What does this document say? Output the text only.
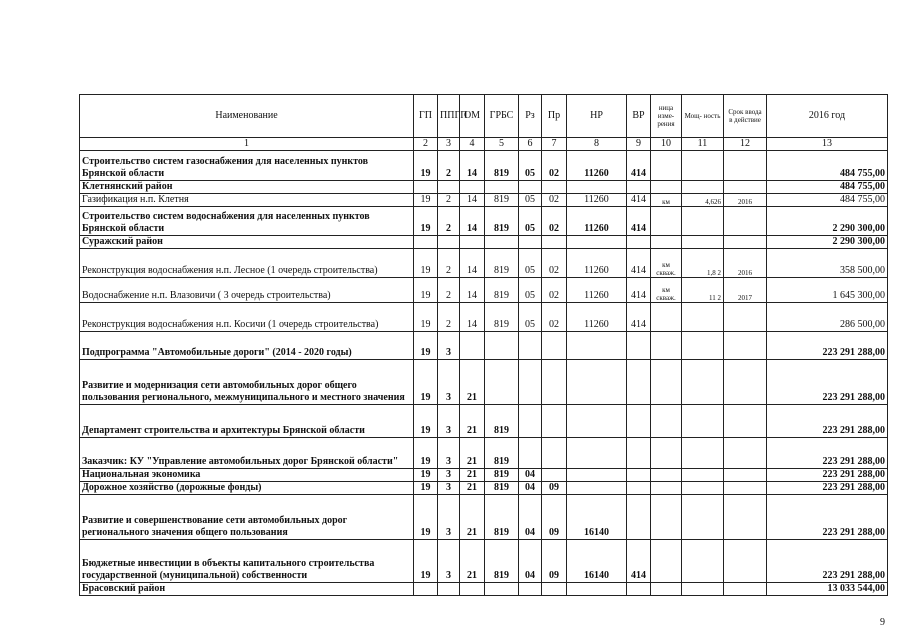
Наименование	ГП	ППГП	ОМ	ГРБС	Рз	Пр	НР	ВР	ница изме- рения	Мощ- ность	Срок ввода в действие	2016 год
1	2	3	4	5	6	7	8	9	10	11	12	13
Строительство систем газоснабжения для населенных пунктов Брянской области	19	2	14	819	05	02	11260	414				484 755,00
Клетнянский район												484 755,00
Газификация н.п. Клетня	19	2	14	819	05	02	11260	414	км	4,626	2016	484 755,00
Строительство систем водоснабжения для населенных пунктов Брянской области	19	2	14	819	05	02	11260	414				2 290 300,00
Суражский район												2 290 300,00
Реконструкция водоснабжения н.п. Лесное (1 очередь строительства)	19	2	14	819	05	02	11260	414	км скваж.	1,8 2	2016	358 500,00
Водоснабжение н.п. Влазовичи ( 3 очередь строительства)	19	2	14	819	05	02	11260	414	км скваж.	11 2	2017	1 645 300,00
Реконструкция водоснабжения н.п. Косичи (1 очередь строительства)	19	2	14	819	05	02	11260	414				286 500,00
Подпрограмма "Автомобильные дороги" (2014 - 2020 годы)	19	3										223 291 288,00
Развитие и модернизация сети автомобильных дорог общего пользования регионального, межмуниципального и местного значения	19	3	21									223 291 288,00
Департамент строительства и архитектуры Брянской области	19	3	21	819								223 291 288,00
Заказчик: КУ "Управление автомобильных дорог Брянской области"	19	3	21	819								223 291 288,00
Национальная экономика	19	3	21	819	04							223 291 288,00
Дорожное хозяйство (дорожные фонды)	19	3	21	819	04	09						223 291 288,00
Развитие и совершенствование сети автомобильных дорог регионального значения общего пользования	19	3	21	819	04	09	16140					223 291 288,00
Бюджетные инвестиции в объекты капитального строительства государственной (муниципальной) собственности	19	3	21	819	04	09	16140	414				223 291 288,00
Брасовский район												13 033 544,00
9
